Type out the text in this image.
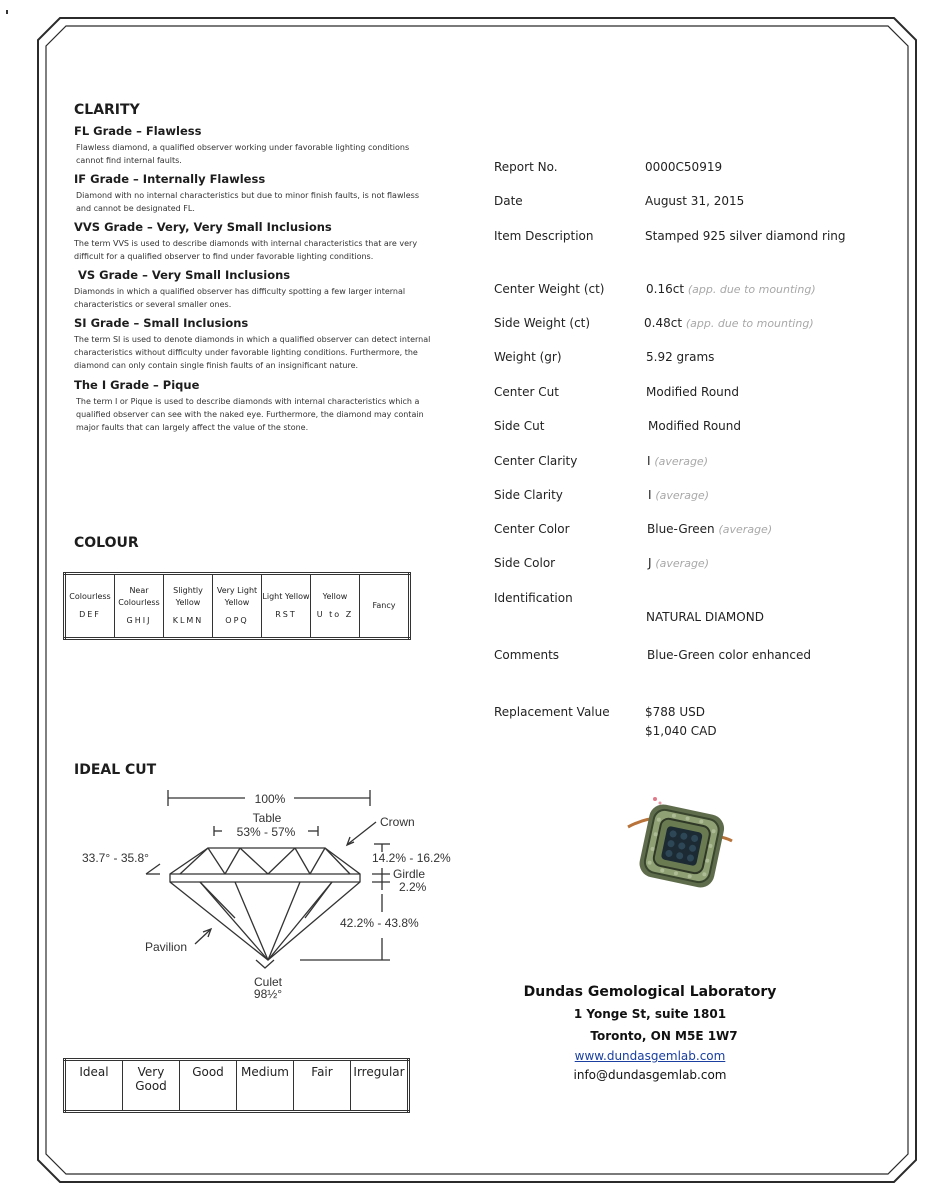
CLARITY
FL Grade – Flawless
Flawless diamond, a qualified observer working under favorable lighting conditions
cannot find internal faults.
IF Grade – Internally Flawless
Diamond with no internal characteristics but due to minor finish faults, is not flawless
and cannot be designated FL.
VVS Grade – Very, Very Small Inclusions
The term VVS is used to describe diamonds with internal characteristics that are very
difficult for a qualified observer to find under favorable lighting conditions.
VS Grade – Very Small Inclusions
Diamonds in which a qualified observer has difficulty spotting a few larger internal
characteristics or several smaller ones.
SI Grade – Small Inclusions
The term SI is used to denote diamonds in which a qualified observer can detect internal
characteristics without difficulty under favorable lighting conditions. Furthermore, the
diamond can only contain single finish faults of an insignificant nature.
The I Grade – Pique
The term I or Pique is used to describe diamonds with internal characteristics which a
qualified observer can see with the naked eye. Furthermore, the diamond may contain
major faults that can largely affect the value of the stone.
COLOUR
Colourless
DEF
	Near Colourless
GHIJ
	Slightly Yellow
KLMN
	Very Light Yellow
OPQ
	Light Yellow
RST
	Yellow
U to Z
	Fancy
IDEAL CUT
100%
Table
53% - 57%
Crown
33.7° - 35.8°	14.2% - 16.2%
Girdle
2.2%
42.2% - 43.8%
Pavilion
Culet
98½°
Ideal	Very Good	Good	Medium	Fair	Irregular
Report No.	0000C50919
Date	August 31, 2015
Item Description	Stamped 925 silver diamond ring
Center Weight (ct)	0.16ct (app. due to mounting)
Side Weight (ct)	0.48ct (app. due to mounting)
Weight (gr)	5.92 grams
Center Cut	Modified Round
Side Cut	Modified Round
Center Clarity	I (average)
Side Clarity	I (average)
Center Color	Blue-Green (average)
Side Color	J (average)
Identification
NATURAL DIAMOND
Comments	Blue-Green color enhanced
Replacement Value	$788 USD
$1,040 CAD
Dundas Gemological Laboratory
1 Yonge St, suite 1801
Toronto, ON M5E 1W7
www.dundasgemlab.com
info@dundasgemlab.com
